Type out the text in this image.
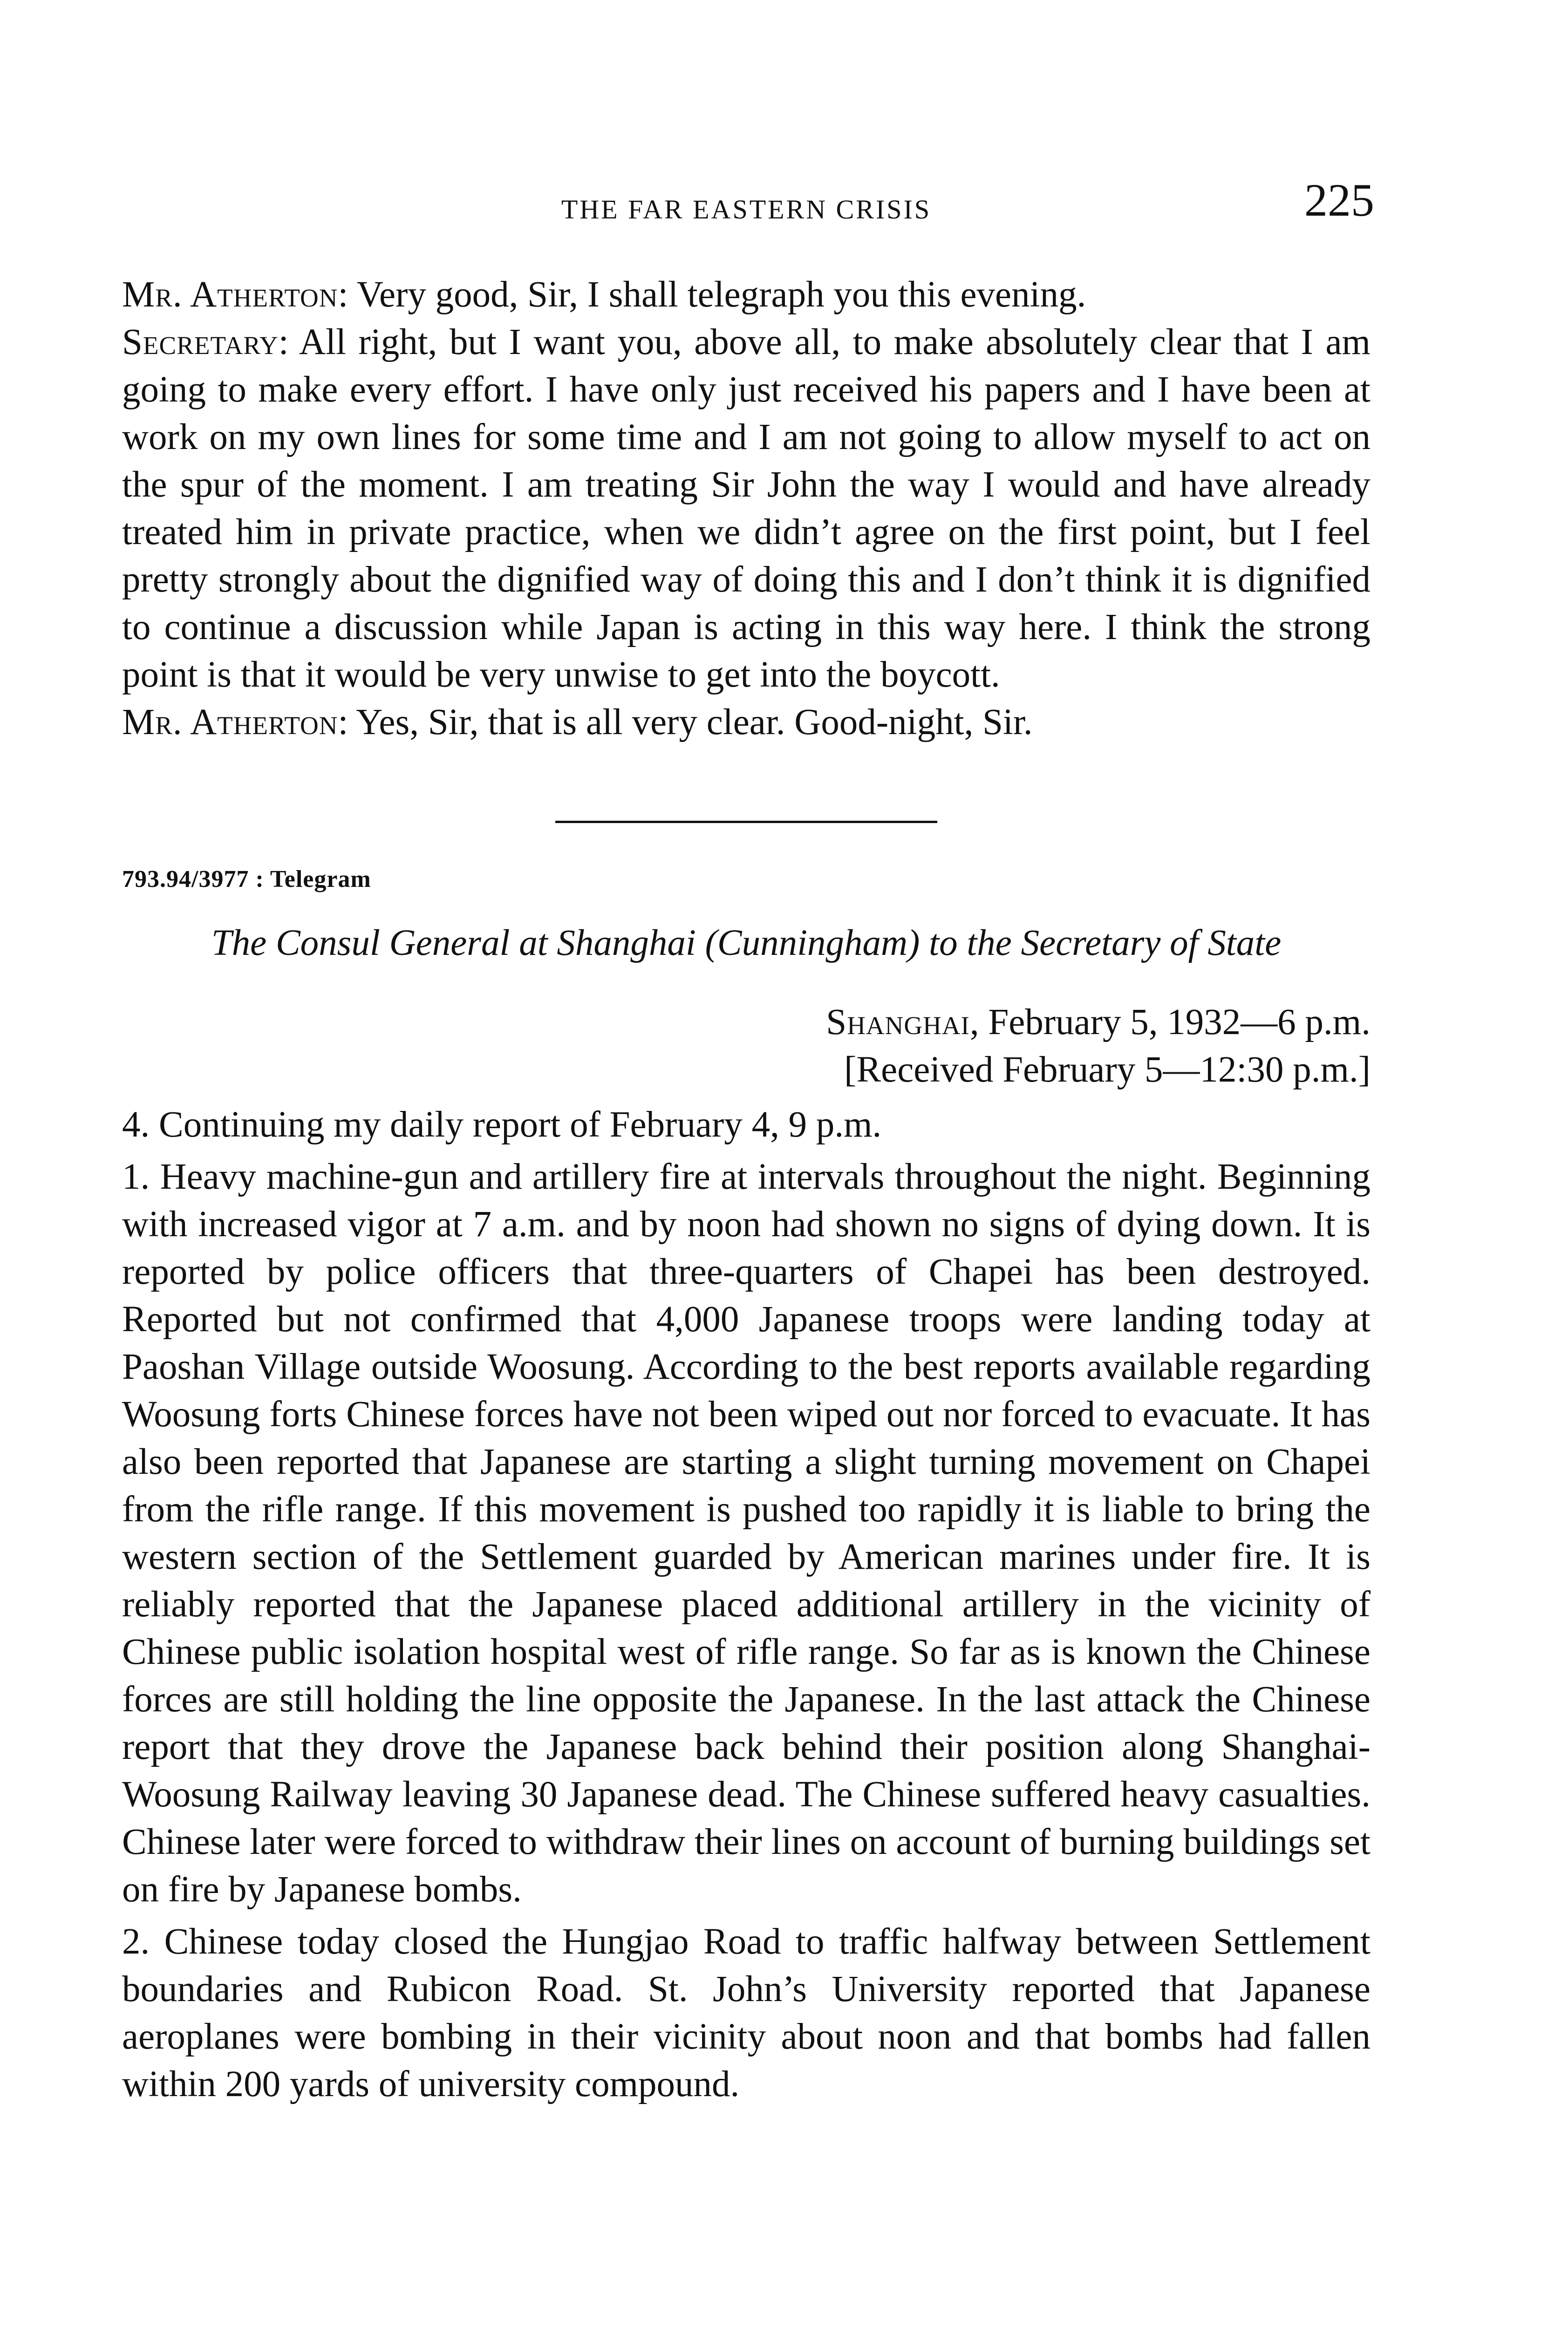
THE FAR EASTERN CRISIS	225

Mr. Atherton: Very good, Sir, I shall telegraph you this evening.

Secretary: All right, but I want you, above all, to make absolutely clear that I am going to make every effort. I have only just received his papers and I have been at work on my own lines for some time and I am not going to allow myself to act on the spur of the moment. I am treating Sir John the way I would and have already treated him in private practice, when we didn’t agree on the first point, but I feel pretty strongly about the dignified way of doing this and I don’t think it is dignified to continue a discussion while Japan is acting in this way here. I think the strong point is that it would be very unwise to get into the boycott.

Mr. Atherton: Yes, Sir, that is all very clear. Good-night, Sir.

793.94/3977 : Telegram
The Consul General at Shanghai (Cunningham) to the Secretary of State
Shanghai, February 5, 1932—6 p.m.
[Received February 5—12:30 p.m.]

4. Continuing my daily report of February 4, 9 p.m.

1. Heavy machine-gun and artillery fire at intervals throughout the night. Beginning with increased vigor at 7 a.m. and by noon had shown no signs of dying down. It is reported by police officers that three-quarters of Chapei has been destroyed. Reported but not confirmed that 4,000 Japanese troops were landing today at Paoshan Village outside Woosung. According to the best reports available regarding Woosung forts Chinese forces have not been wiped out nor forced to evacuate. It has also been reported that Japanese are starting a slight turning movement on Chapei from the rifle range. If this movement is pushed too rapidly it is liable to bring the western section of the Settlement guarded by American marines under fire. It is reliably reported that the Japanese placed additional artillery in the vicinity of Chinese public isolation hospital west of rifle range. So far as is known the Chinese forces are still holding the line opposite the Japanese. In the last attack the Chinese report that they drove the Japanese back behind their position along Shanghai-Woosung Railway leaving 30 Japanese dead. The Chinese suffered heavy casualties. Chinese later were forced to withdraw their lines on account of burning buildings set on fire by Japanese bombs.

2. Chinese today closed the Hungjao Road to traffic halfway between Settlement boundaries and Rubicon Road. St. John’s University reported that Japanese aeroplanes were bombing in their vicinity about noon and that bombs had fallen within 200 yards of university compound.
